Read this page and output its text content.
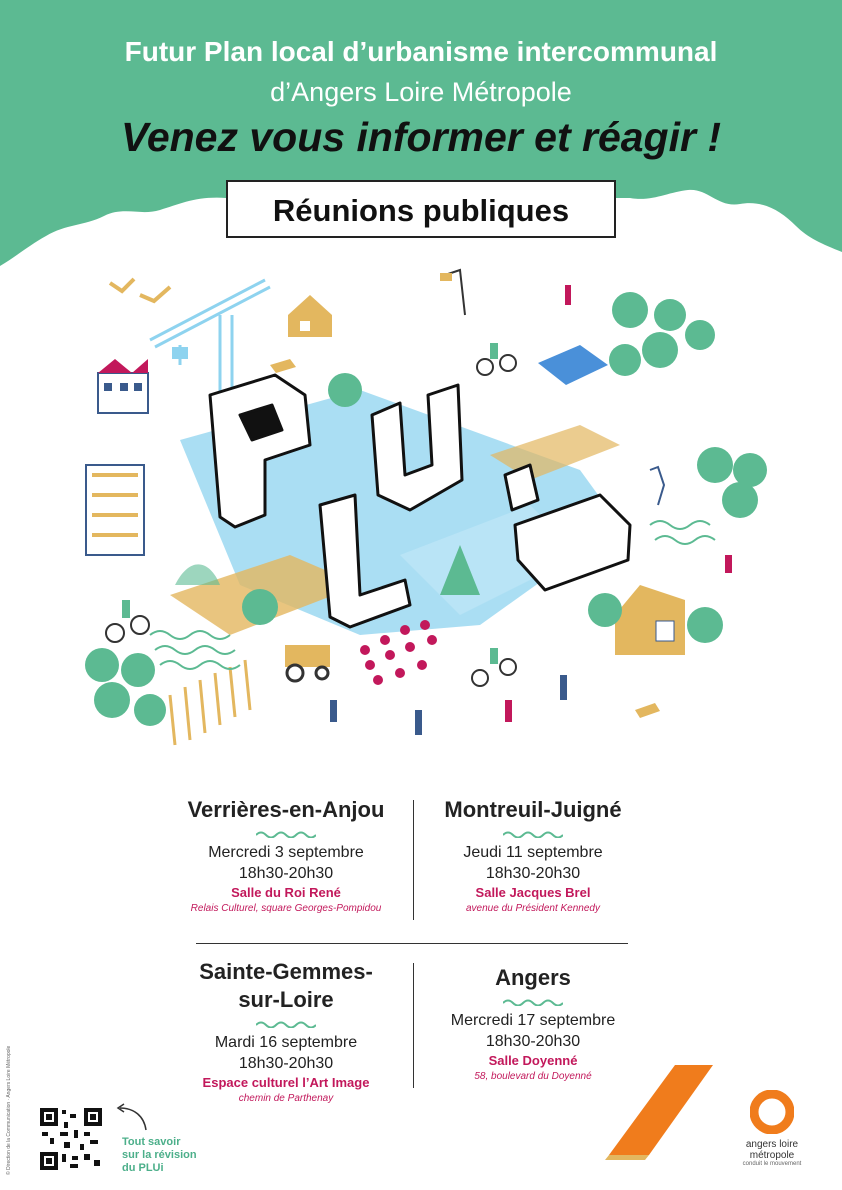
Futur Plan local d’urbanisme intercommunal
d’Angers Loire Métropole
Venez vous informer et réagir !
Réunions publiques
Verrières-en-Anjou
Mercredi 3 septembre
18h30-20h30
Salle du Roi René
Relais Culturel, square Georges-Pompidou
Montreuil-Juigné
Jeudi 11 septembre
18h30-20h30
Salle Jacques Brel
avenue du Président Kennedy
Sainte-Gemmes-
sur-Loire
Mardi 16 septembre
18h30-20h30
Espace culturel l’Art Image
chemin de Parthenay
Angers
Mercredi 17 septembre
18h30-20h30
Salle Doyenné
58, boulevard du Doyenné
Tout savoir
sur la révision
du PLUi
angers loire
métropole
conduit le mouvement
© Direction de la Communication · Angers Loire Métropole
